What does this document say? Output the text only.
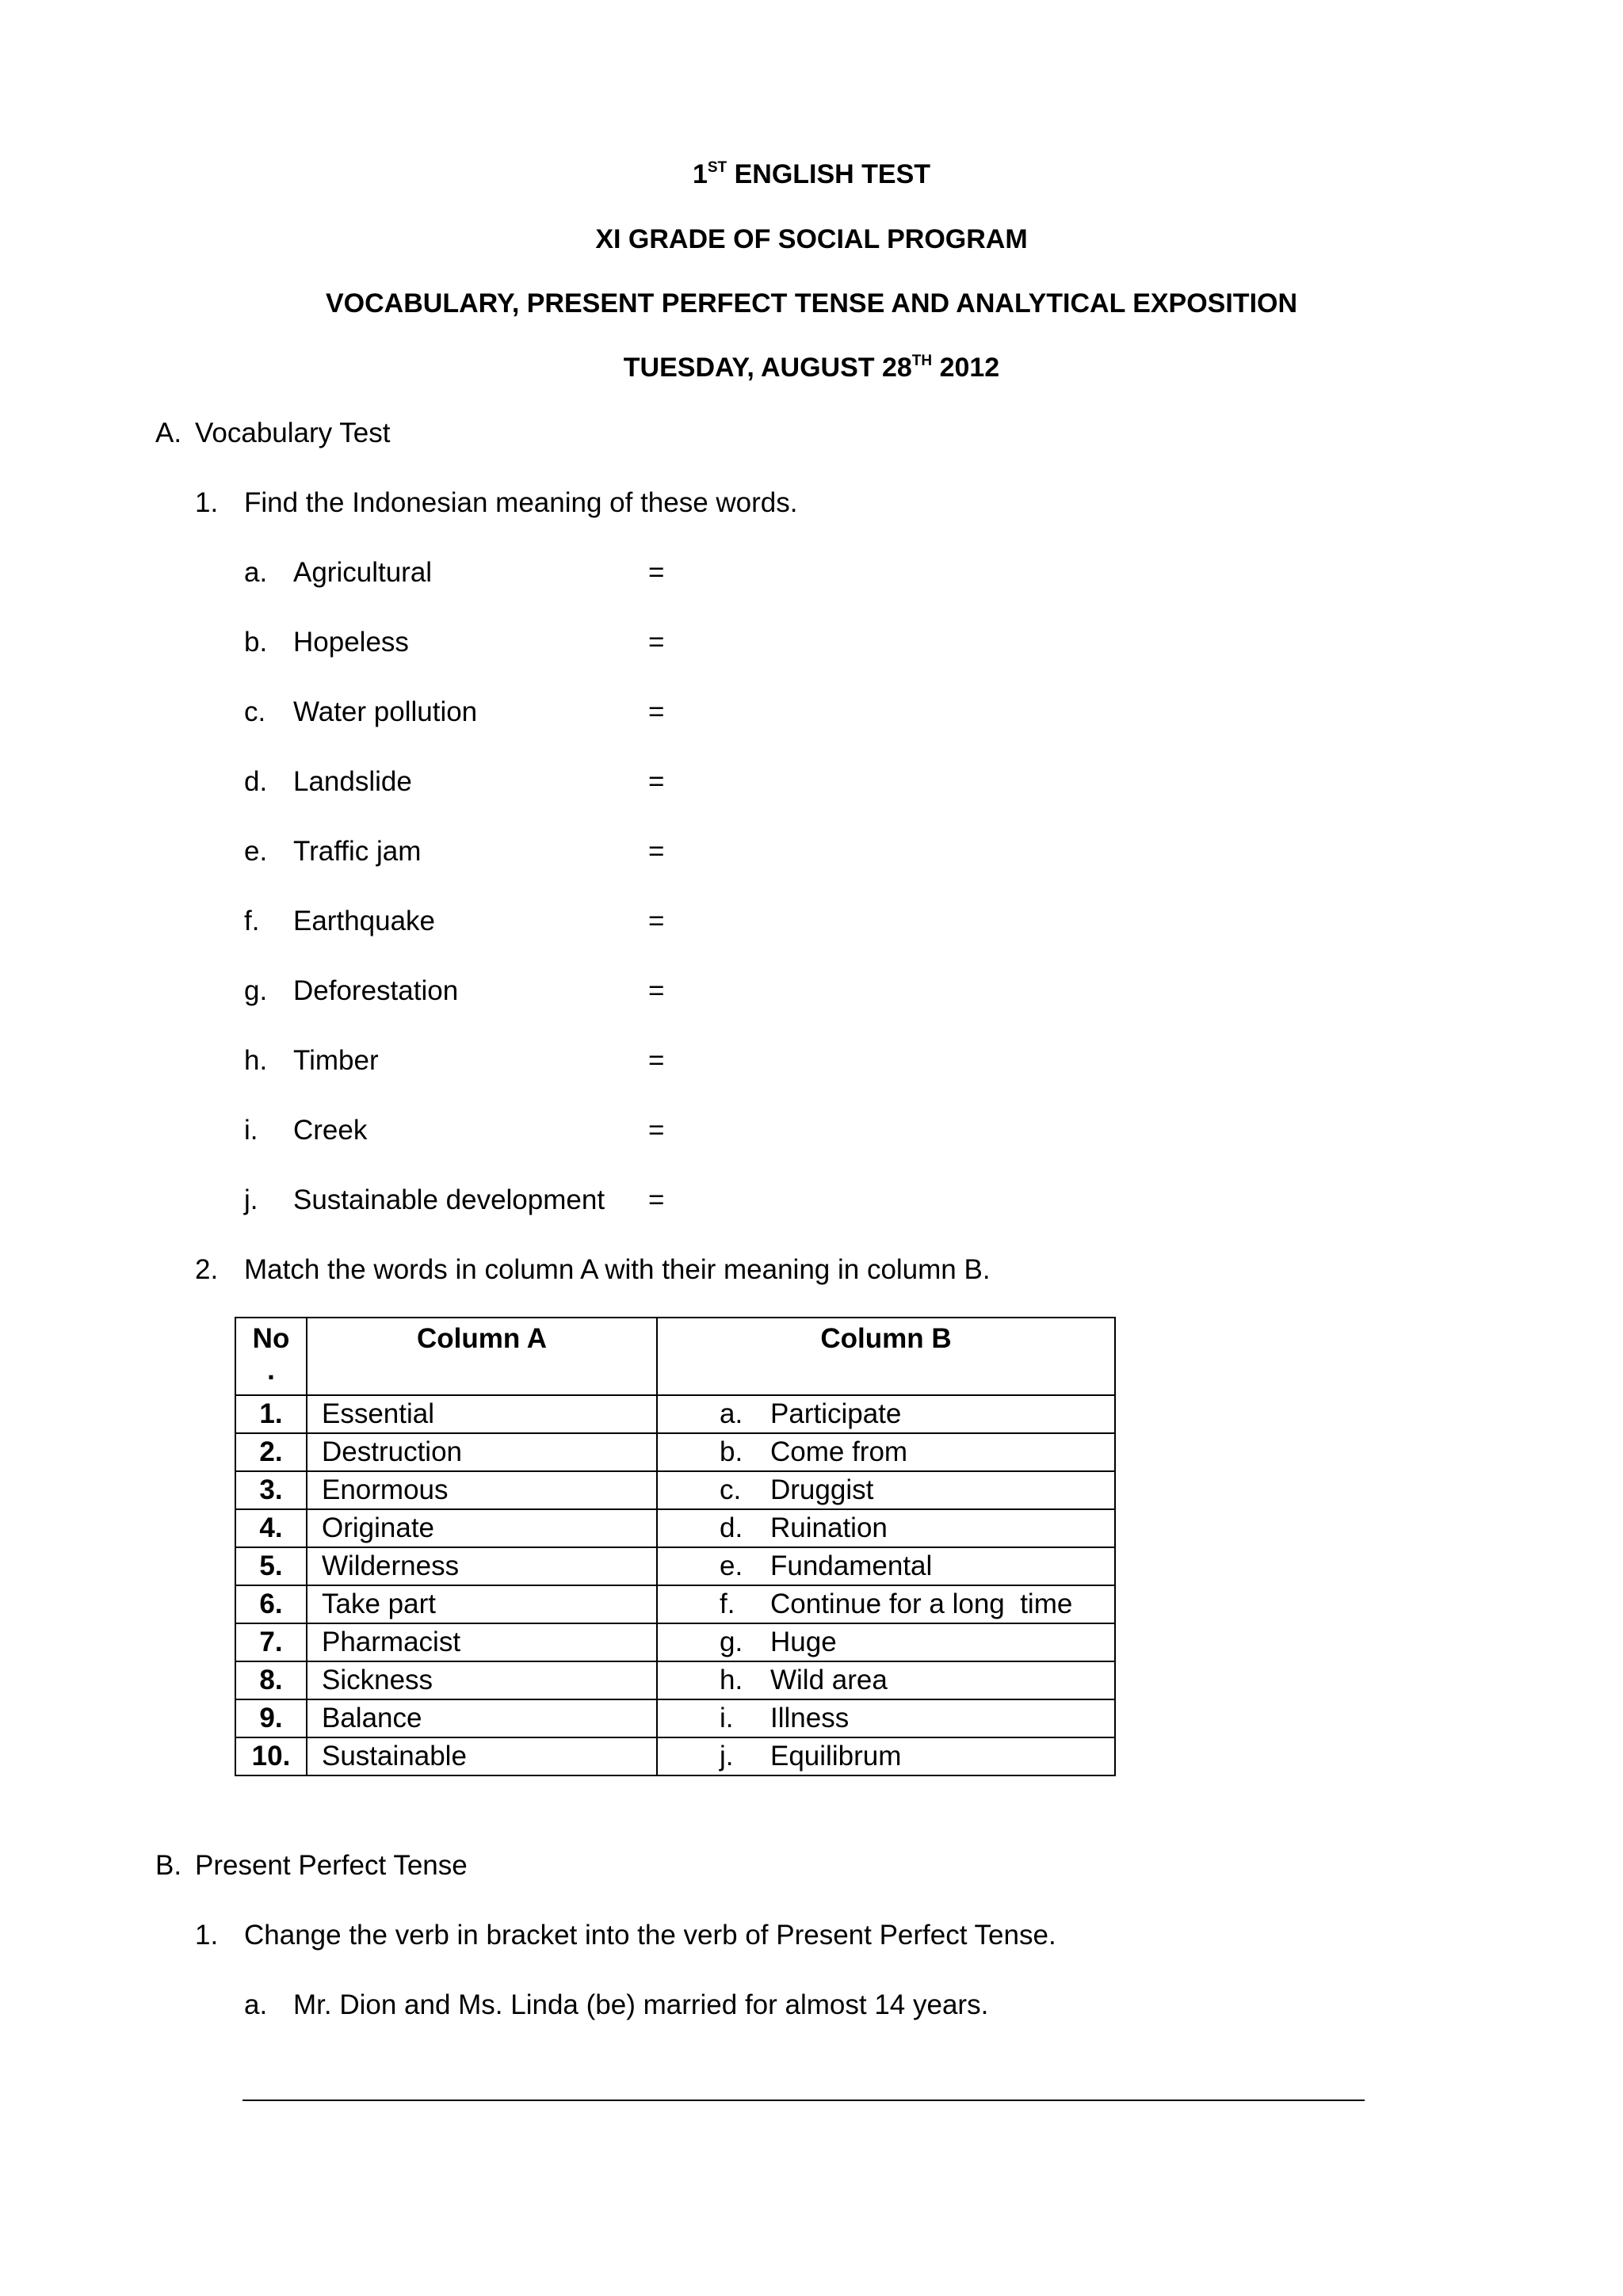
1ST ENGLISH TEST
XI GRADE OF SOCIAL PROGRAM
VOCABULARY, PRESENT PERFECT TENSE AND ANALYTICAL EXPOSITION
TUESDAY, AUGUST 28TH 2012
A. Vocabulary Test
1. Find the Indonesian meaning of these words.
a. Agricultural	=
b. Hopeless	=
c. Water pollution	=
d. Landslide	=
e. Traffic jam	=
f. Earthquake	=
g. Deforestation	=
h. Timber	=
i. Creek	=
j. Sustainable development =
2. Match the words in column A with their meaning in column B.
No
.	Column A	Column B
1.	Essential	a. Participate
2.	Destruction	b. Come from
3.	Enormous	c. Druggist
4.	Originate	d. Ruination
5.	Wilderness	e. Fundamental
6.	Take part	f. Continue for a long  time
7.	Pharmacist	g. Huge
8.	Sickness	h. Wild area
9.	Balance	i. Illness
10.	Sustainable	j. Equilibrum
B. Present Perfect Tense
1. Change the verb in bracket into the verb of Present Perfect Tense.
a. Mr. Dion and Ms. Linda (be) married for almost 14 years.
